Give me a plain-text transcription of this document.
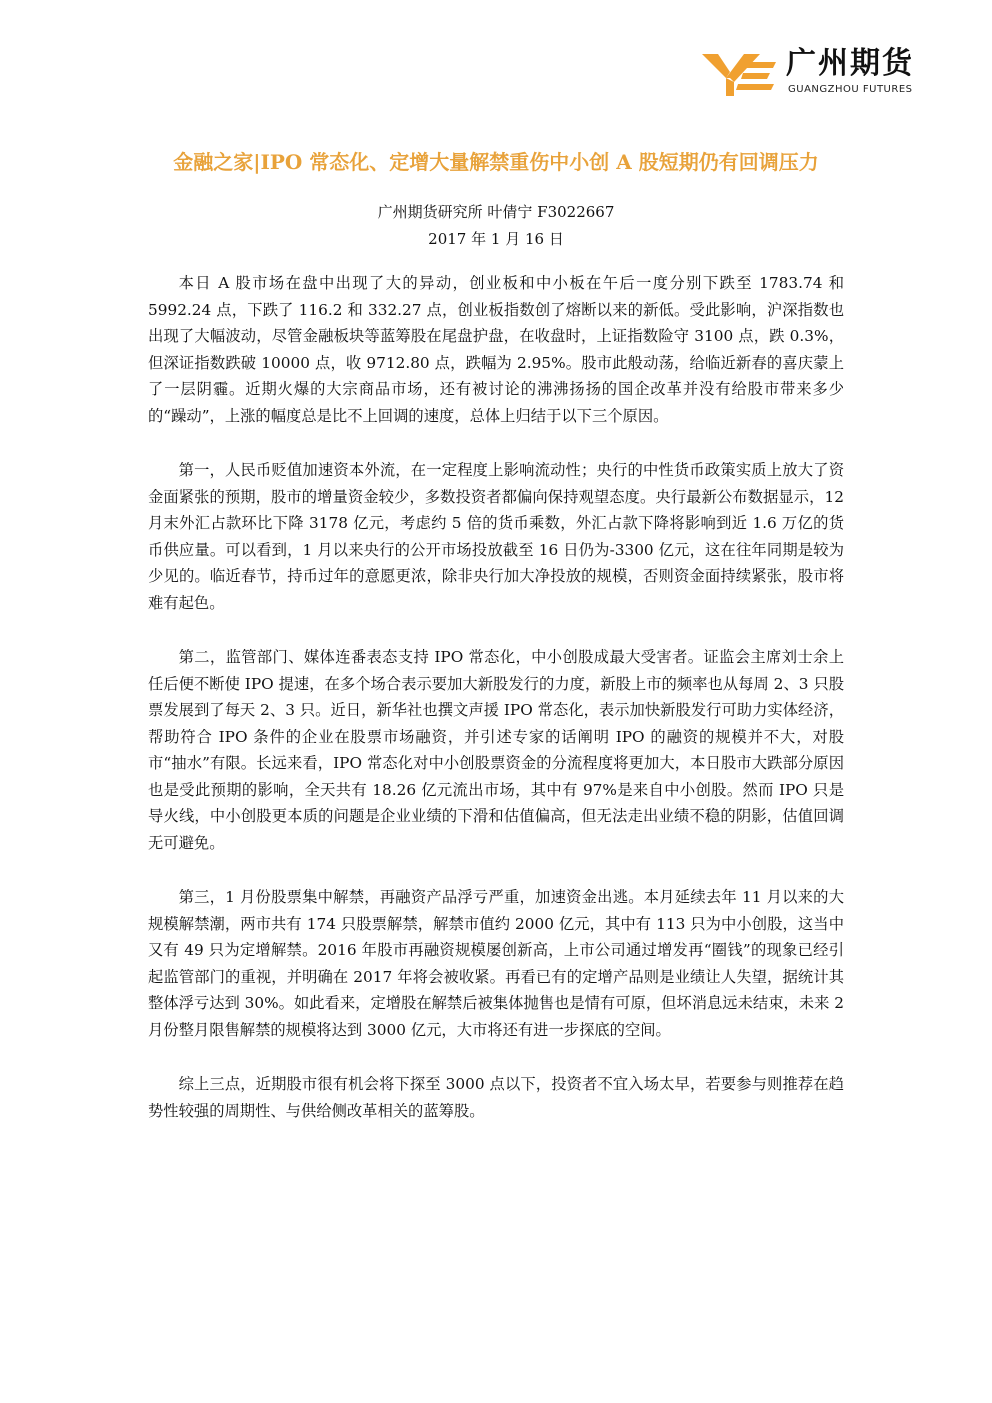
广州期货
GUANGZHOU FUTURES
金融之家|IPO 常态化、定增大量解禁重伤中小创 A 股短期仍有回调压力
广州期货研究所 叶倩宁 F3022667
2017 年 1 月 16 日

本日 A 股市场在盘中出现了大的异动，创业板和中小板在午后一度分别下跌至 1783.74 和 5992.24 点，下跌了 116.2 和 332.27 点，创业板指数创了熔断以来的新低。受此影响，沪深指数也出现了大幅波动，尽管金融板块等蓝筹股在尾盘护盘，在收盘时，上证指数险守 3100 点，跌 0.3%，但深证指数跌破 10000 点，收 9712.80 点，跌幅为 2.95%。股市此般动荡，给临近新春的喜庆蒙上了一层阴霾。近期火爆的大宗商品市场，还有被讨论的沸沸扬扬的国企改革并没有给股市带来多少的“躁动”，上涨的幅度总是比不上回调的速度，总体上归结于以下三个原因。

第一，人民币贬值加速资本外流，在一定程度上影响流动性；央行的中性货币政策实质上放大了资金面紧张的预期，股市的增量资金较少，多数投资者都偏向保持观望态度。央行最新公布数据显示，12 月末外汇占款环比下降 3178 亿元，考虑约 5 倍的货币乘数，外汇占款下降将影响到近 1.6 万亿的货币供应量。可以看到，1 月以来央行的公开市场投放截至 16 日仍为-3300 亿元，这在往年同期是较为少见的。临近春节，持币过年的意愿更浓，除非央行加大净投放的规模，否则资金面持续紧张，股市将难有起色。

第二，监管部门、媒体连番表态支持 IPO 常态化，中小创股成最大受害者。证监会主席刘士余上任后便不断使 IPO 提速，在多个场合表示要加大新股发行的力度，新股上市的频率也从每周 2、3 只股票发展到了每天 2、3 只。近日，新华社也撰文声援 IPO 常态化，表示加快新股发行可助力实体经济，帮助符合 IPO 条件的企业在股票市场融资，并引述专家的话阐明 IPO 的融资的规模并不大，对股市“抽水”有限。长远来看，IPO 常态化对中小创股票资金的分流程度将更加大，本日股市大跌部分原因也是受此预期的影响，全天共有 18.26 亿元流出市场，其中有 97%是来自中小创股。然而 IPO 只是导火线，中小创股更本质的问题是企业业绩的下滑和估值偏高，但无法走出业绩不稳的阴影，估值回调无可避免。

第三，1 月份股票集中解禁，再融资产品浮亏严重，加速资金出逃。本月延续去年 11 月以来的大规模解禁潮，两市共有 174 只股票解禁，解禁市值约 2000 亿元，其中有 113 只为中小创股，这当中又有 49 只为定增解禁。2016 年股市再融资规模屡创新高，上市公司通过增发再“圈钱”的现象已经引起监管部门的重视，并明确在 2017 年将会被收紧。再看已有的定增产品则是业绩让人失望，据统计其整体浮亏达到 30%。如此看来，定增股在解禁后被集体抛售也是情有可原，但坏消息远未结束，未来 2 月份整月限售解禁的规模将达到 3000 亿元，大市将还有进一步探底的空间。

综上三点，近期股市很有机会将下探至 3000 点以下，投资者不宜入场太早，若要参与则推荐在趋势性较强的周期性、与供给侧改革相关的蓝筹股。
